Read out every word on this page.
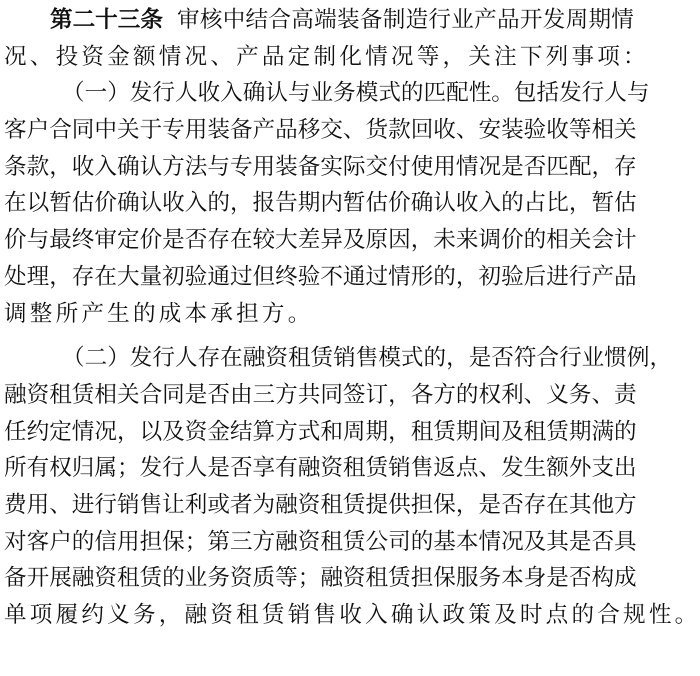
第二十三条 审 核 中 结 合 高 端 装 备 制 造 行 业 产 品 开 发 周 期 情
况、投资金额情况、产品定制化情况等，关注下列事项：
（ 一 ） 发 行 人 收 入 确 认 与 业 务 模 式 的 匹 配 性 。 包 括 发 行 人 与
客 户 合 同 中 关 于 专 用 装 备 产 品 移 交 、 货 款 回 收 、 安 装 验 收 等 相 关
条 款 ， 收 入 确 认 方 法 与 专 用 装 备 实 际 交 付 使 用 情 况 是 否 匹 配 ， 存
在 以 暂 估 价 确 认 收 入 的 ， 报 告 期 内 暂 估 价 确 认 收 入 的 占 比 ， 暂 估
价 与 最 终 审 定 价 是 否 存 在 较 大 差 异 及 原 因 ， 未 来 调 价 的 相 关 会 计
处 理 ， 存 在 大 量 初 验 通 过 但 终 验 不 通 过 情 形 的 ， 初 验 后 进 行 产 品
调整所产生的成本承担方。
（ 二 ） 发 行 人 存 在 融 资 租 赁 销 售 模 式 的 ， 是 否 符 合 行 业 惯 例 ，
融 资 租 赁 相 关 合 同 是 否 由 三 方 共 同 签 订 ， 各 方 的 权 利 、 义 务 、 责
任 约 定 情 况 ， 以 及 资 金 结 算 方 式 和 周 期 ， 租 赁 期 间 及 租 赁 期 满 的
所 有 权 归 属 ； 发 行 人 是 否 享 有 融 资 租 赁 销 售 返 点 、 发 生 额 外 支 出
费 用 、 进 行 销 售 让 利 或 者 为 融 资 租 赁 提 供 担 保 ， 是 否 存 在 其 他 方
对 客 户 的 信 用 担 保 ； 第 三 方 融 资 租 赁 公 司 的 基 本 情 况 及 其 是 否 具
备 开 展 融 资 租 赁 的 业 务 资 质 等 ； 融 资 租 赁 担 保 服 务 本 身 是 否 构 成
单项履约义务，融资租赁销售收入确认政策及时点的合规性。
